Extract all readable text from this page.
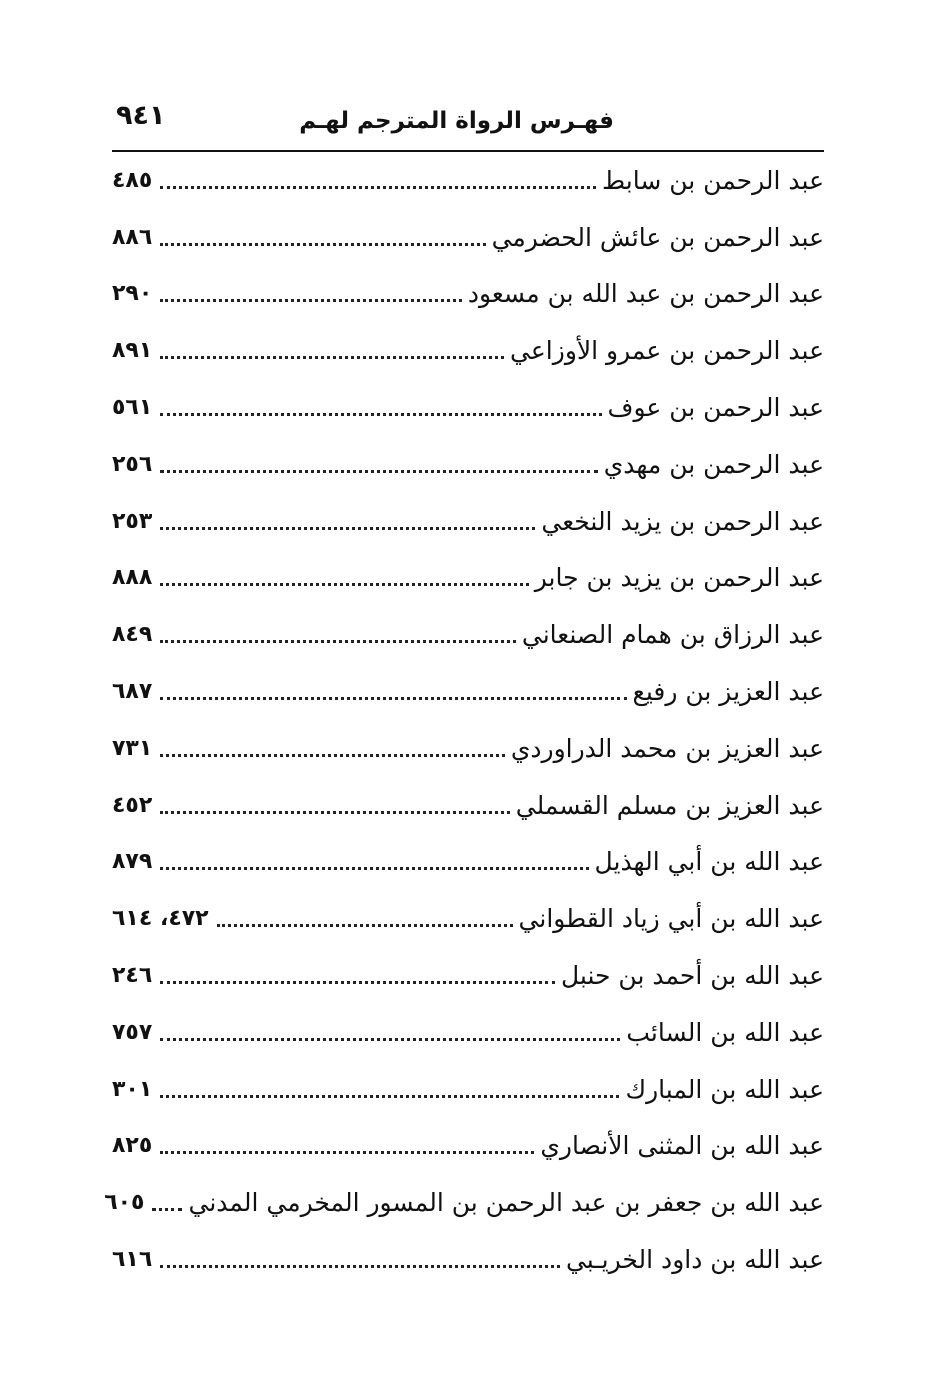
فهـرس الرواة المترجم لهـم
٩٤١
عبد الرحمن بن سابط
٤٨٥
عبد الرحمن بن عائش الحضرمي
٨٨٦
عبد الرحمن بن عبد الله بن مسعود
٢٩٠
عبد الرحمن بن عمرو الأوزاعي
٨٩١
عبد الرحمن بن عوف
٥٦١
عبد الرحمن بن مهدي
٢٥٦
عبد الرحمن بن يزيد النخعي
٢٥٣
عبد الرحمن بن يزيد بن جابر
٨٨٨
عبد الرزاق بن همام الصنعاني
٨٤٩
عبد العزيز بن رفيع
٦٨٧
عبد العزيز بن محمد الدراوردي
٧٣١
عبد العزيز بن مسلم القسملي
٤٥٢
عبد الله بن أبي الهذيل
٨٧٩
عبد الله بن أبي زياد القطواني
٤٧٢، ٦١٤
عبد الله بن أحمد بن حنبل
٢٤٦
عبد الله بن السائب
٧٥٧
عبد الله بن المبارك
٣٠١
عبد الله بن المثنى الأنصاري
٨٢٥
عبد الله بن جعفر بن عبد الرحمن بن المسور المخرمي المدني
٦٠٥
عبد الله بن داود الخريـبي
٦١٦
